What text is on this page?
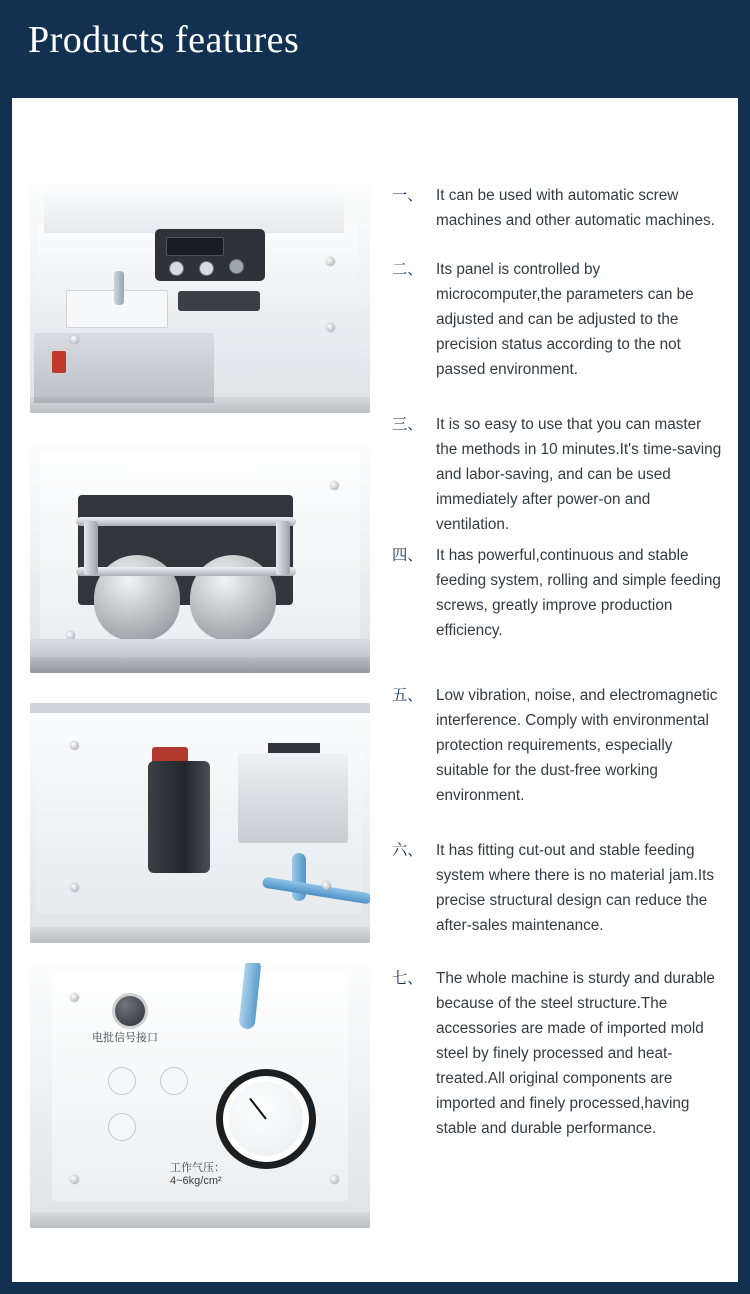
Products features
电批信号接口
工作气压：
4~6kg/cm²
一、 It can be used with automatic screw machines and other automatic machines.
二、 Its panel is controlled by microcomputer,the parameters can be adjusted and can be adjusted to the precision status according to the not passed environment.
三、 It is so easy to use that you can master the methods in 10 minutes.It's time-saving and labor-saving, and can be used immediately after power-on and ventilation.
四、 It has powerful,continuous and stable feeding system, rolling and simple feeding screws, greatly improve production efficiency.
五、 Low vibration, noise, and electromagnetic interference. Comply with environmental protection requirements, especially suitable for the dust-free working environment.
六、 It has fitting cut-out and stable feeding system where there is no material jam.Its precise structural design can reduce the after-sales maintenance.
七、 The whole machine is sturdy and durable because of the steel structure.The accessories are made of imported mold steel by finely processed and heat-treated.All original components are imported and finely processed,having stable and durable performance.
